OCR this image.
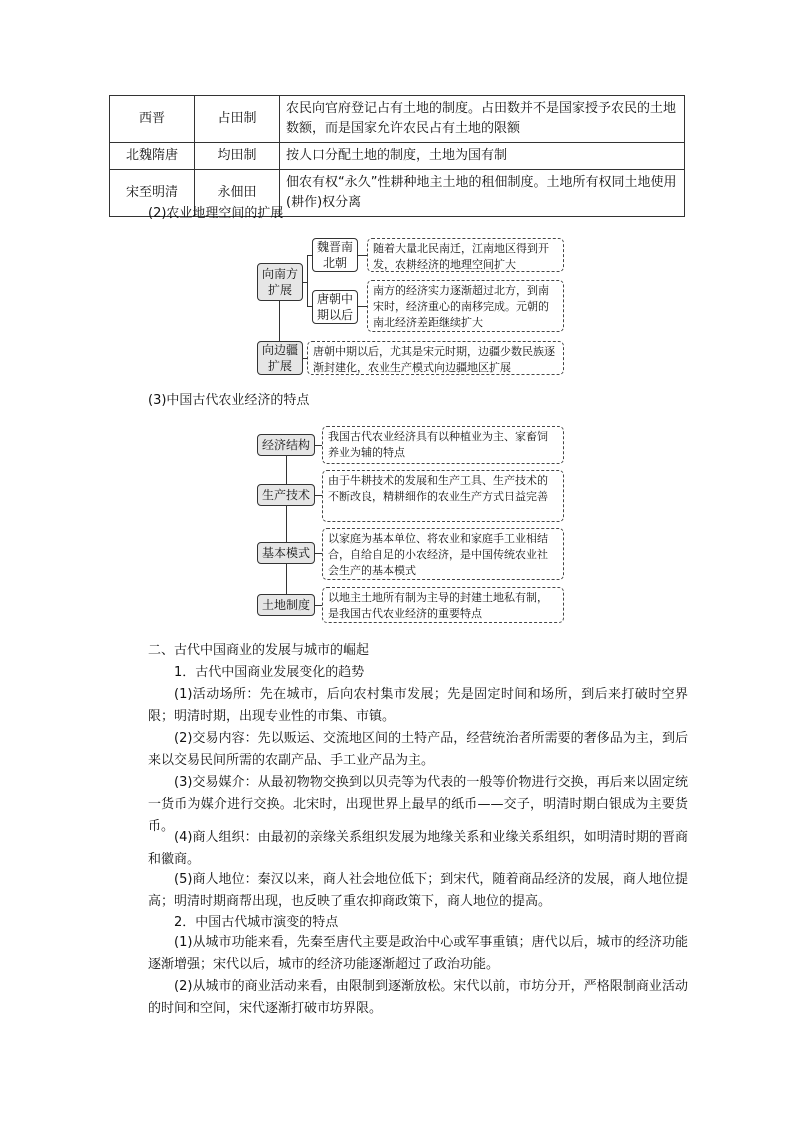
西晋	占田制	农民向官府登记占有土地的制度。占田数并不是国家授予农民的土地数额，而是国家允许农民占有土地的限额
北魏隋唐	均田制	按人口分配土地的制度，土地为国有制
宋至明清	永佃田	佃农有权“永久”性耕种地主土地的租佃制度。土地所有权同土地使用(耕作)权分离
(2)农业地理空间的扩展
向南方扩展
向边疆扩展
魏晋南北朝
唐朝中期以后
随着大量北民南迁，江南地区得到开发，农耕经济的地理空间扩大
南方的经济实力逐渐超过北方，到南宋时，经济重心的南移完成。元朝的南北经济差距继续扩大
唐朝中期以后，尤其是宋元时期，边疆少数民族逐渐封建化，农业生产模式向边疆地区扩展
(3)中国古代农业经济的特点
经济结构
生产技术
基本模式
土地制度
我国古代农业经济具有以种植业为主、家畜饲养业为辅的特点
由于牛耕技术的发展和生产工具、生产技术的不断改良，精耕细作的农业生产方式日益完善
以家庭为基本单位、将农业和家庭手工业相结合，自给自足的小农经济，是中国传统农业社会生产的基本模式
以地主土地所有制为主导的封建土地私有制，是我国古代农业经济的重要特点
二、古代中国商业的发展与城市的崛起
1．古代中国商业发展变化的趋势
(1)活动场所：先在城市，后向农村集市发展；先是固定时间和场所，到后来打破时空界限；明清时期，出现专业性的市集、市镇。
(2)交易内容：先以贩运、交流地区间的土特产品，经营统治者所需要的奢侈品为主，到后来以交易民间所需的农副产品、手工业产品为主。
(3)交易媒介：从最初物物交换到以贝壳等为代表的一般等价物进行交换，再后来以固定统一货币为媒介进行交换。北宋时，出现世界上最早的纸币——交子，明清时期白银成为主要货币。
(4)商人组织：由最初的亲缘关系组织发展为地缘关系和业缘关系组织，如明清时期的晋商和徽商。
(5)商人地位：秦汉以来，商人社会地位低下；到宋代，随着商品经济的发展，商人地位提高；明清时期商帮出现，也反映了重农抑商政策下，商人地位的提高。
2．中国古代城市演变的特点
(1)从城市功能来看，先秦至唐代主要是政治中心或军事重镇；唐代以后，城市的经济功能逐渐增强；宋代以后，城市的经济功能逐渐超过了政治功能。
(2)从城市的商业活动来看，由限制到逐渐放松。宋代以前，市坊分开，严格限制商业活动的时间和空间，宋代逐渐打破市坊界限。
